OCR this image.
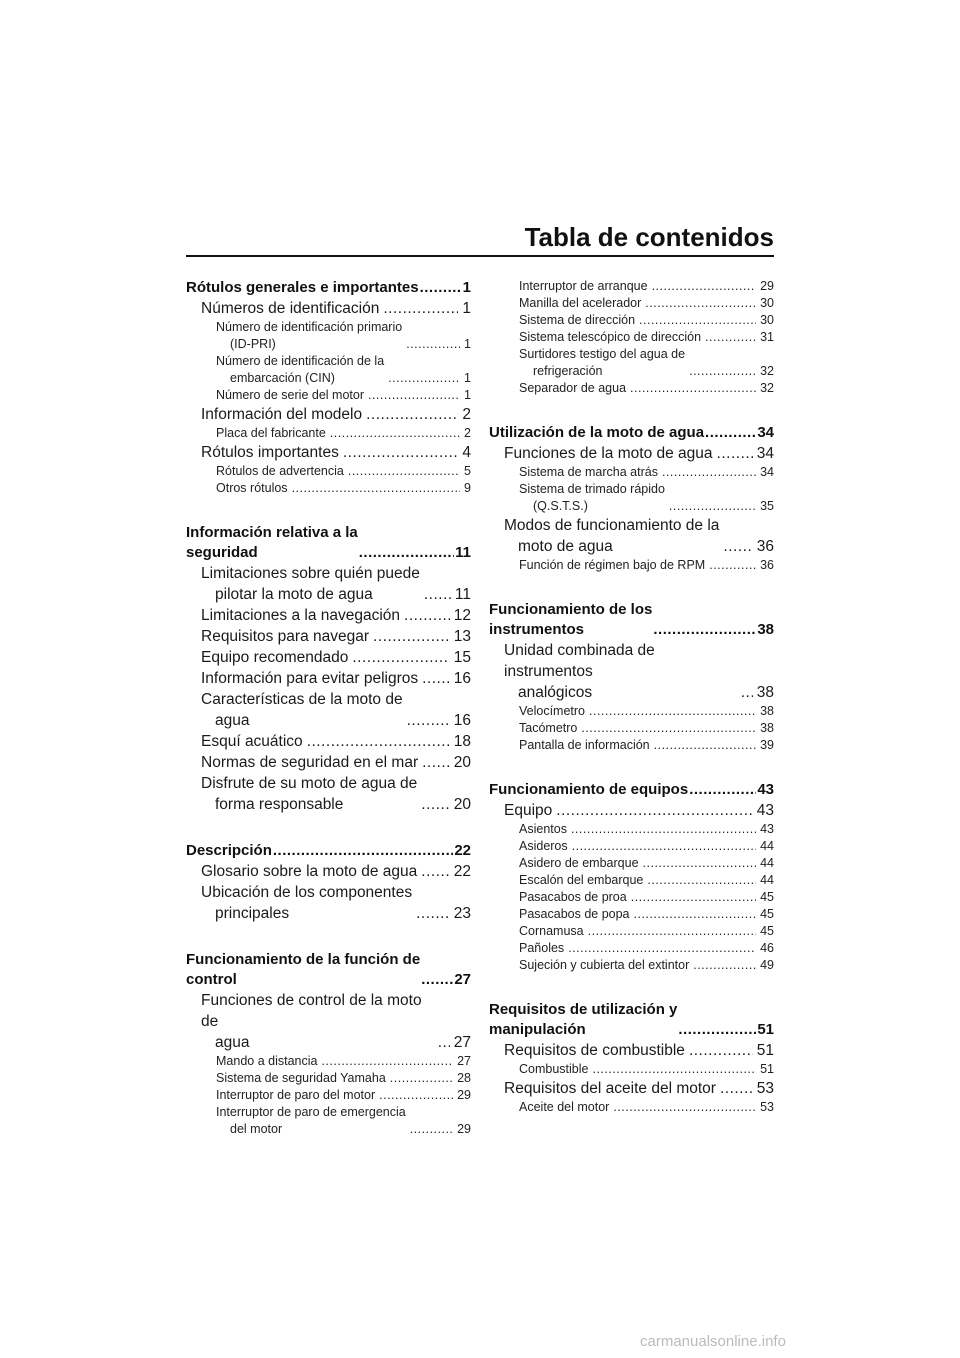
Tabla de contenidos
Rótulos generales e importantes .....	1
Números de identificación .....	1
Número de identificación primario
(ID-PRI) .....	1
Número de identificación de la
embarcación (CIN) .....	1
Número de serie del motor .....	1
Información del modelo .....	2
Placa del fabricante .....	2
Rótulos importantes .....	4
Rótulos de advertencia .....	5
Otros rótulos .....	9
Información relativa a la
seguridad .....	11
Limitaciones sobre quién puede
pilotar la moto de agua .....	11
Limitaciones a la navegación .....	12
Requisitos para navegar .....	13
Equipo recomendado .....	15
Información para evitar peligros ..... 16
Características de la moto de
agua .....	16
Esquí acuático .....	18
Normas de seguridad en el mar ..... 20
Disfrute de su moto de agua de
forma responsable .....	20
Descripción .....	22
Glosario sobre la moto de agua ..... 22
Ubicación de los componentes
principales .....	23
Funcionamiento de la función de
control .....	27
Funciones de control de la moto de
agua .....	27
Mando a distancia .....	27
Sistema de seguridad Yamaha .....	28
Interruptor de paro del motor .....	29
Interruptor de paro de emergencia
del motor .....	29
Interruptor de arranque .....	29
Manilla del acelerador .....	30
Sistema de dirección .....	30
Sistema telescópico de dirección .....	31
Surtidores testigo del agua de
refrigeración .....	32
Separador de agua .....	32
Utilización de la moto de agua .....	34
Funciones de la moto de agua .....	34
Sistema de marcha atrás .....	34
Sistema de trimado rápido
(Q.S.T.S.) .....	35
Modos de funcionamiento de la
moto de agua .....	36
Función de régimen bajo de RPM .....	36
Funcionamiento de los
instrumentos .....	38
Unidad combinada de instrumentos
analógicos .....	38
Velocímetro .....	38
Tacómetro .....	38
Pantalla de información .....	39
Funcionamiento de equipos .....	43
Equipo .....	43
Asientos .....	43
Asideros .....	44
Asidero de embarque .....	44
Escalón del embarque .....	44
Pasacabos de proa .....	45
Pasacabos de popa .....	45
Cornamusa .....	45
Pañoles .....	46
Sujeción y cubierta del extintor .....	49
Requisitos de utilización y
manipulación .....	51
Requisitos de combustible .....	51
Combustible .....	51
Requisitos del aceite del motor .....	53
Aceite del motor .....	53
carmanualsonline.info
